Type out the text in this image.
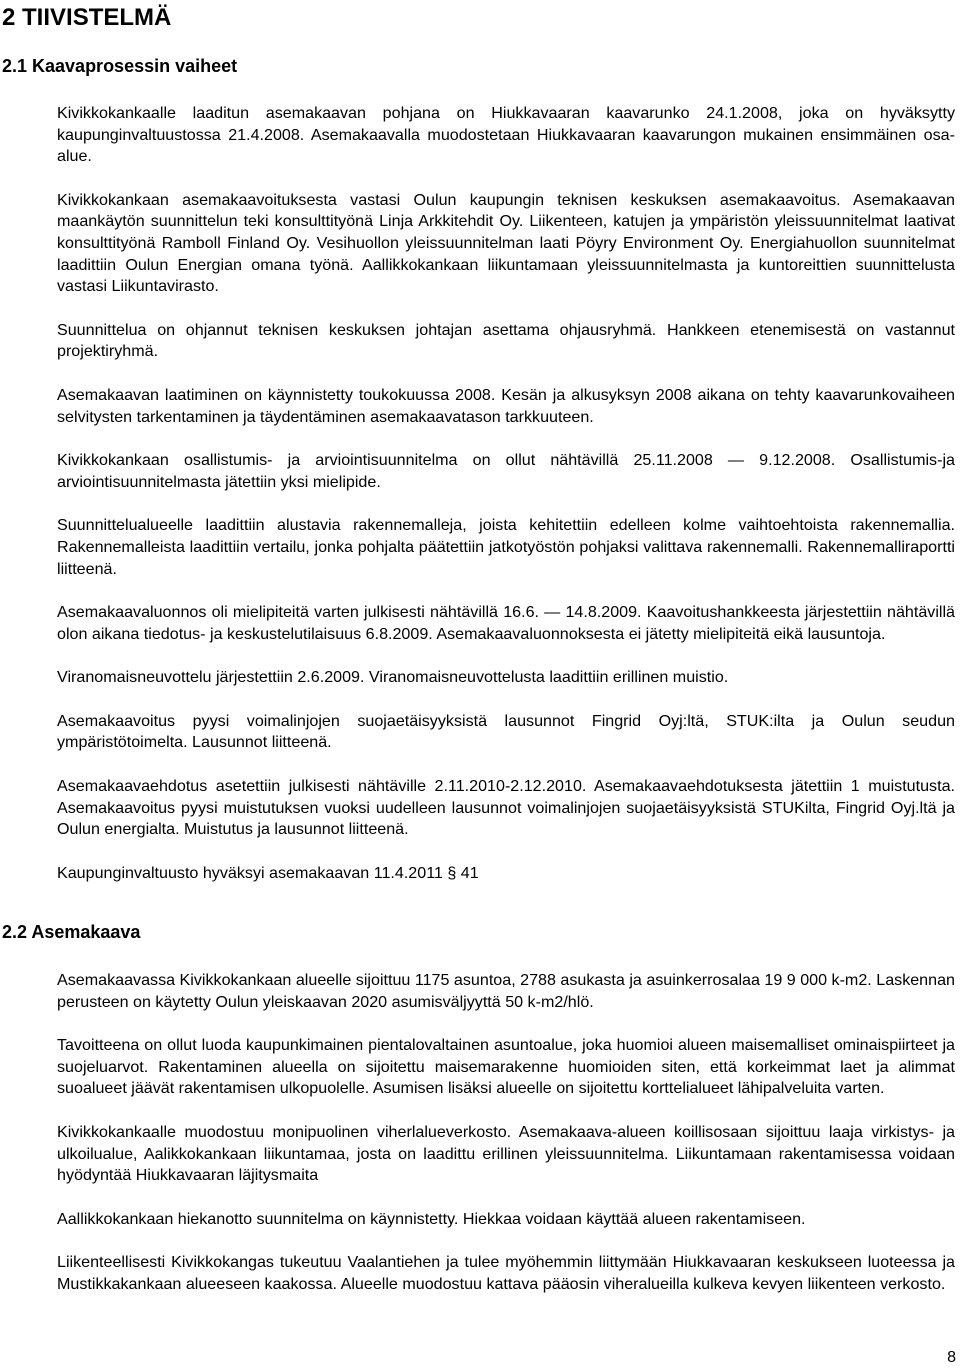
2 TIIVISTELMÄ
2.1 Kaavaprosessin vaiheet

Kivikkokankaalle laaditun asemakaavan pohjana on Hiukkavaaran kaavarunko 24.1.2008, joka on hyväksytty kaupunginvaltuustossa 21.4.2008. Asemakaavalla muodostetaan Hiukkavaaran kaavarungon mukainen ensimmäinen osa-alue.

Kivikkokankaan asemakaavoituksesta vastasi Oulun kaupungin teknisen keskuksen asemakaavoitus. Asemakaavan maankäytön suunnittelun teki konsulttityönä Linja Arkkitehdit Oy. Liikenteen, katujen ja ympäristön yleissuunnitelmat laativat konsulttityönä Ramboll Finland Oy. Vesihuollon yleissuunnitelman laati Pöyry Environment Oy. Energiahuollon suunnitelmat laadittiin Oulun Energian omana työnä. Aallikkokankaan liikuntamaan yleissuunnitelmasta ja kuntoreittien suunnittelusta vastasi Liikuntavirasto.

Suunnittelua on ohjannut teknisen keskuksen johtajan asettama ohjausryhmä. Hankkeen etenemisestä on vastannut projektiryhmä.

Asemakaavan laatiminen on käynnistetty toukokuussa 2008. Kesän ja alkusyksyn 2008 aikana on tehty kaavarunkovaiheen selvitysten tarkentaminen ja täydentäminen asemakaavatason tarkkuuteen.

Kivikkokankaan osallistumis- ja arviointisuunnitelma on ollut nähtävillä 25.11.2008 — 9.12.2008. Osallistumis-ja arviointisuunnitelmasta jätettiin yksi mielipide.

Suunnittelualueelle laadittiin alustavia rakennemalleja, joista kehitettiin edelleen kolme vaihtoehtoista rakennemallia. Rakennemalleista laadittiin vertailu, jonka pohjalta päätettiin jatkotyöstön pohjaksi valittava rakennemalli. Rakennemalliraportti liitteenä.

Asemakaavaluonnos oli mielipiteitä varten julkisesti nähtävillä 16.6. — 14.8.2009. Kaavoitushankkeesta järjestettiin nähtävillä olon aikana tiedotus- ja keskustelutilaisuus 6.8.2009. Asemakaavaluonnoksesta ei jätetty mielipiteitä eikä lausuntoja.

Viranomaisneuvottelu järjestettiin 2.6.2009. Viranomaisneuvottelusta laadittiin erillinen muistio.

Asemakaavoitus pyysi voimalinjojen suojaetäisyyksistä lausunnot Fingrid Oyj:ltä, STUK:ilta ja Oulun seudun ympäristötoimelta. Lausunnot liitteenä.

Asemakaavaehdotus asetettiin julkisesti nähtäville 2.11.2010-2.12.2010. Asemakaavaehdotuksesta jätettiin 1 muistutusta. Asemakaavoitus pyysi muistutuksen vuoksi uudelleen lausunnot voimalinjojen suojaetäisyyksistä STUKilta, Fingrid Oyj.ltä ja Oulun energialta. Muistutus ja lausunnot liitteenä.

Kaupunginvaltuusto hyväksyi asemakaavan 11.4.2011 § 41

2.2 Asemakaava

Asemakaavassa Kivikkokankaan alueelle sijoittuu 1175 asuntoa, 2788 asukasta ja asuinkerrosalaa 19 9 000 k-m2. Laskennan perusteen on käytetty Oulun yleiskaavan 2020 asumisväljyyttä 50 k-m2/hlö.

Tavoitteena on ollut luoda kaupunkimainen pientalovaltainen asuntoalue, joka huomioi alueen maisemalliset ominaispiirteet ja suojeluarvot. Rakentaminen alueella on sijoitettu maisemarakenne huomioiden siten, että korkeimmat laet ja alimmat suoalueet jäävät rakentamisen ulkopuolelle. Asumisen lisäksi alueelle on sijoitettu korttelialueet lähipalveluita varten.

Kivikkokankaalle muodostuu monipuolinen viherlalueverkosto. Asemakaava-alueen koillisosaan sijoittuu laaja virkistys- ja ulkoilualue, Aalikkokankaan liikuntamaa, josta on laadittu erillinen yleissuunnitelma. Liikuntamaan rakentamisessa voidaan hyödyntää Hiukkavaaran läjitysmaita

Aallikkokankaan hiekanotto suunnitelma on käynnistetty. Hiekkaa voidaan käyttää alueen rakentamiseen.

Liikenteellisesti Kivikkokangas tukeutuu Vaalantiehen ja tulee myöhemmin liittymään Hiukkavaaran keskukseen luoteessa ja Mustikkakankaan alueeseen kaakossa. Alueelle muodostuu kattava pääosin viheralueilla kulkeva kevyen liikenteen verkosto.

8
